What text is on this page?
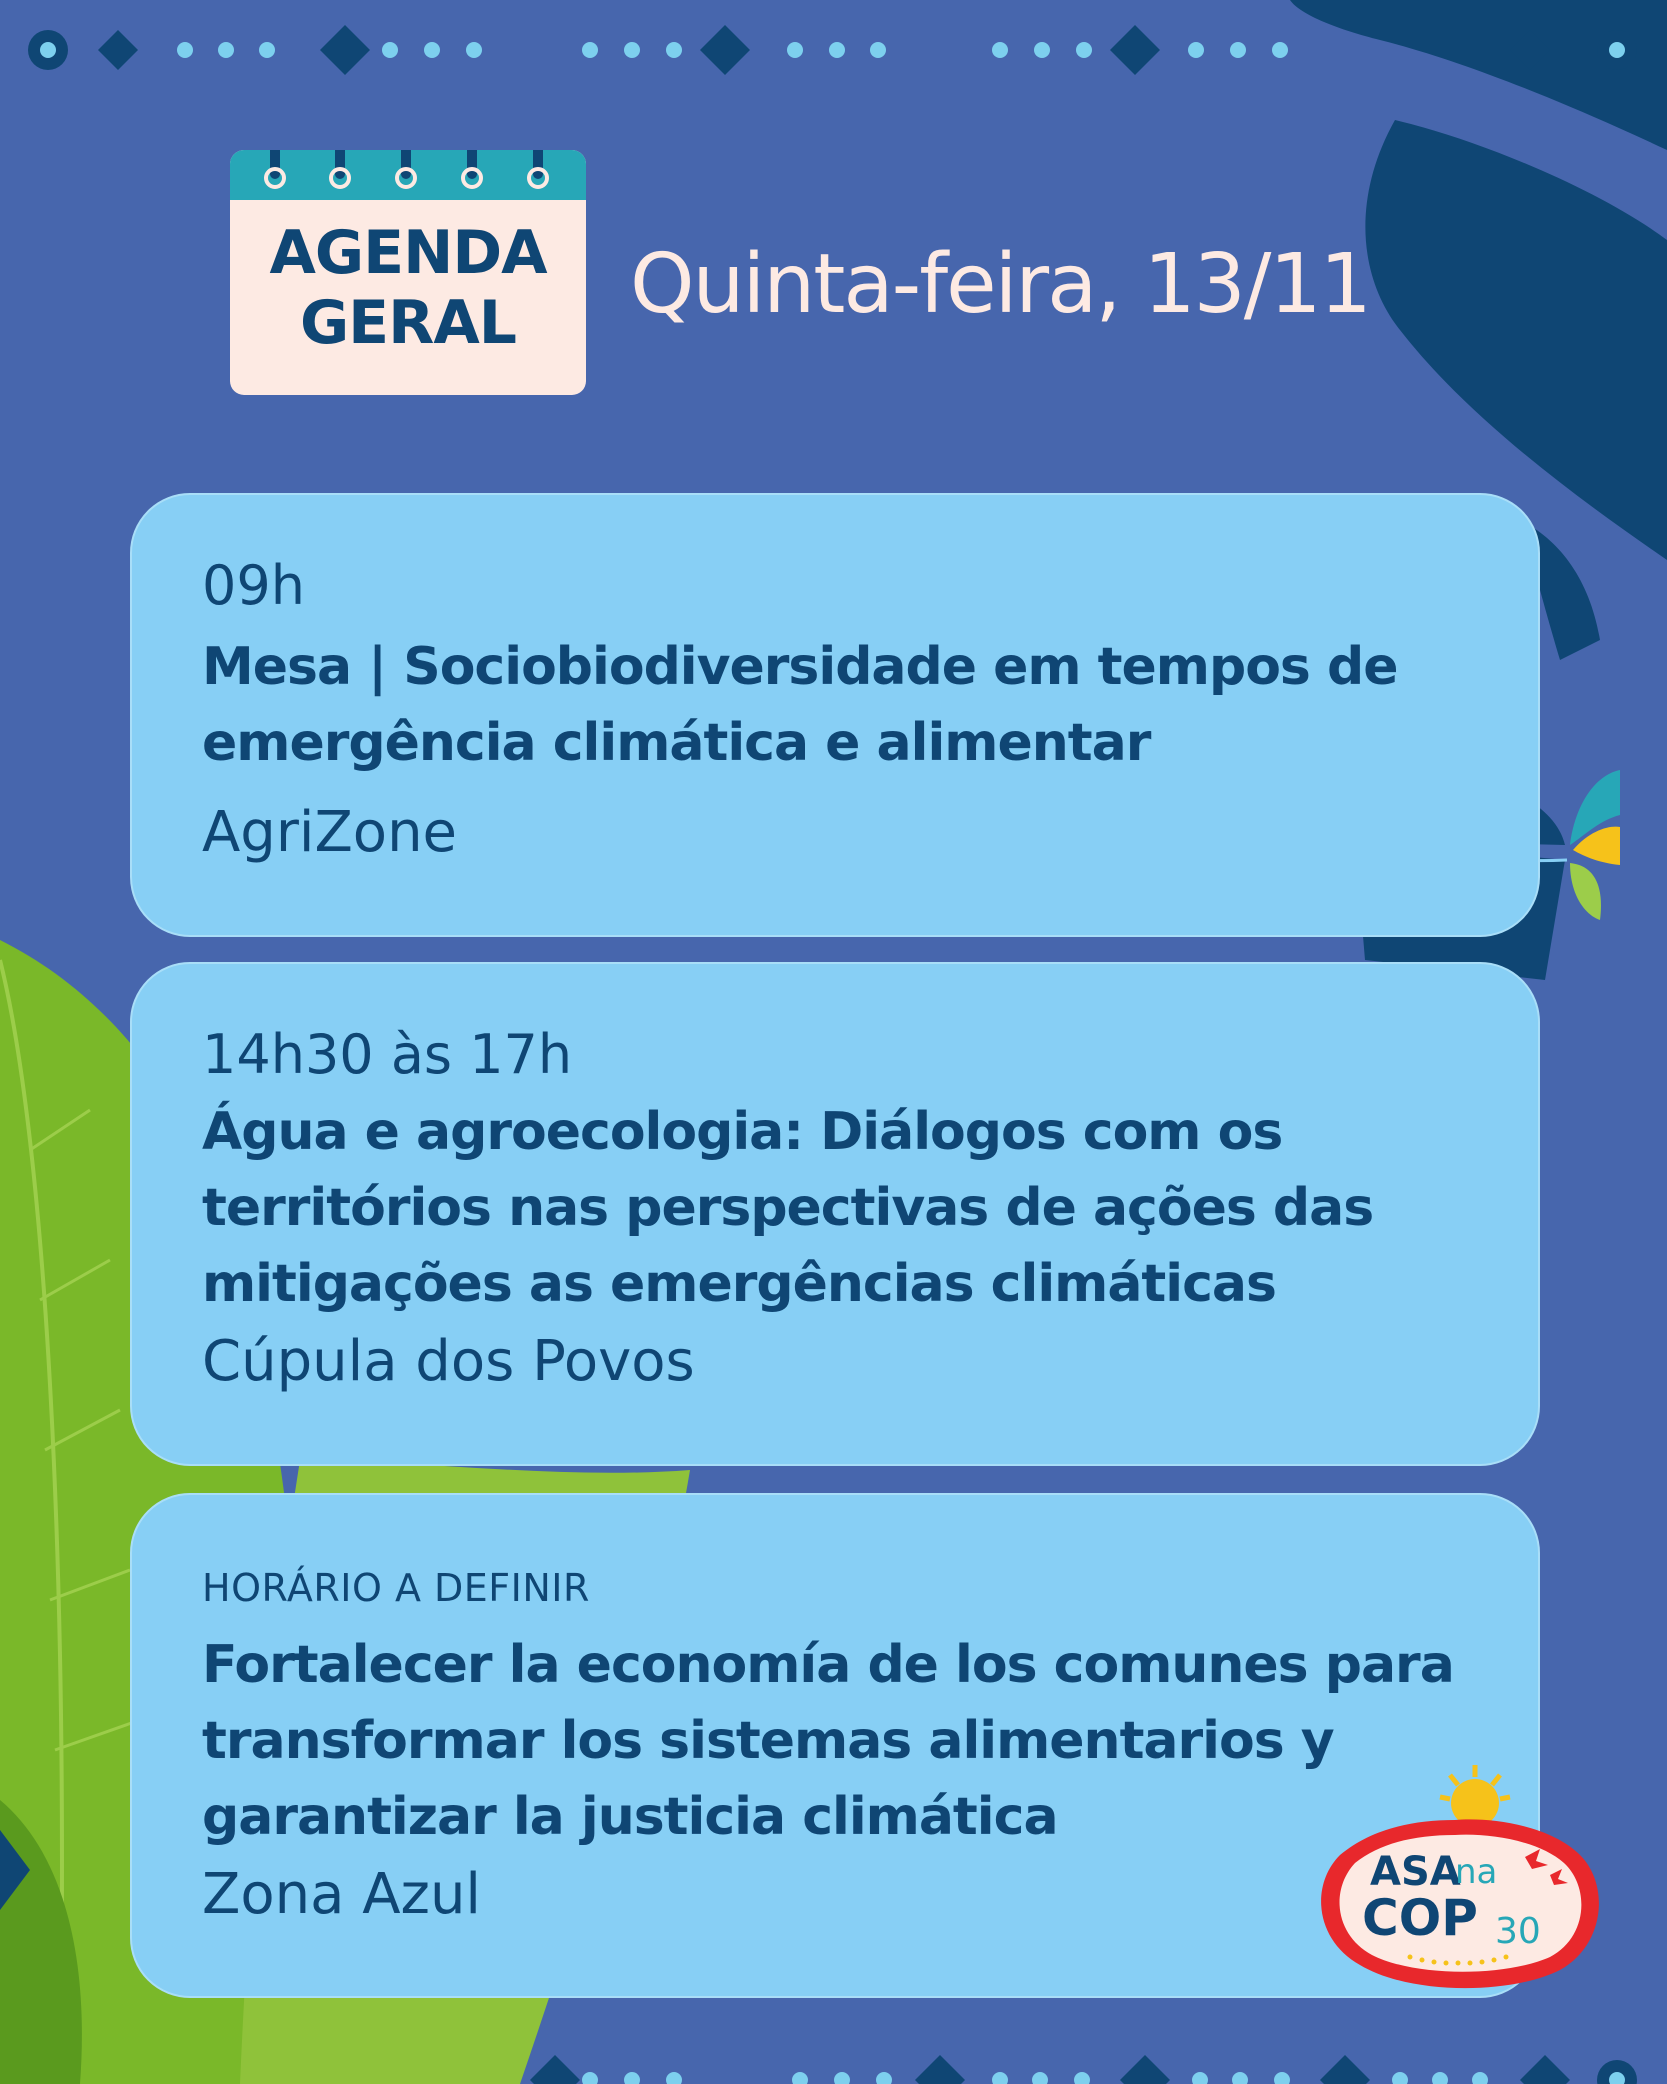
AGENDA
GERAL	Quinta-feira, 13/11
09h
Mesa | Sociobiodiversidade em tempos de
emergência climática e alimentar
AgriZone
14h30 às 17h
Água e agroecologia: Diálogos com os
territórios nas perspectivas de ações das
mitigações as emergências climáticas
Cúpula dos Povos
HORÁRIO A DEFINIR
Fortalecer la economía de los comunes para
transformar los sistemas alimentarios y
garantizar la justicia climática
Zona Azul	ASA
na
COP 30
